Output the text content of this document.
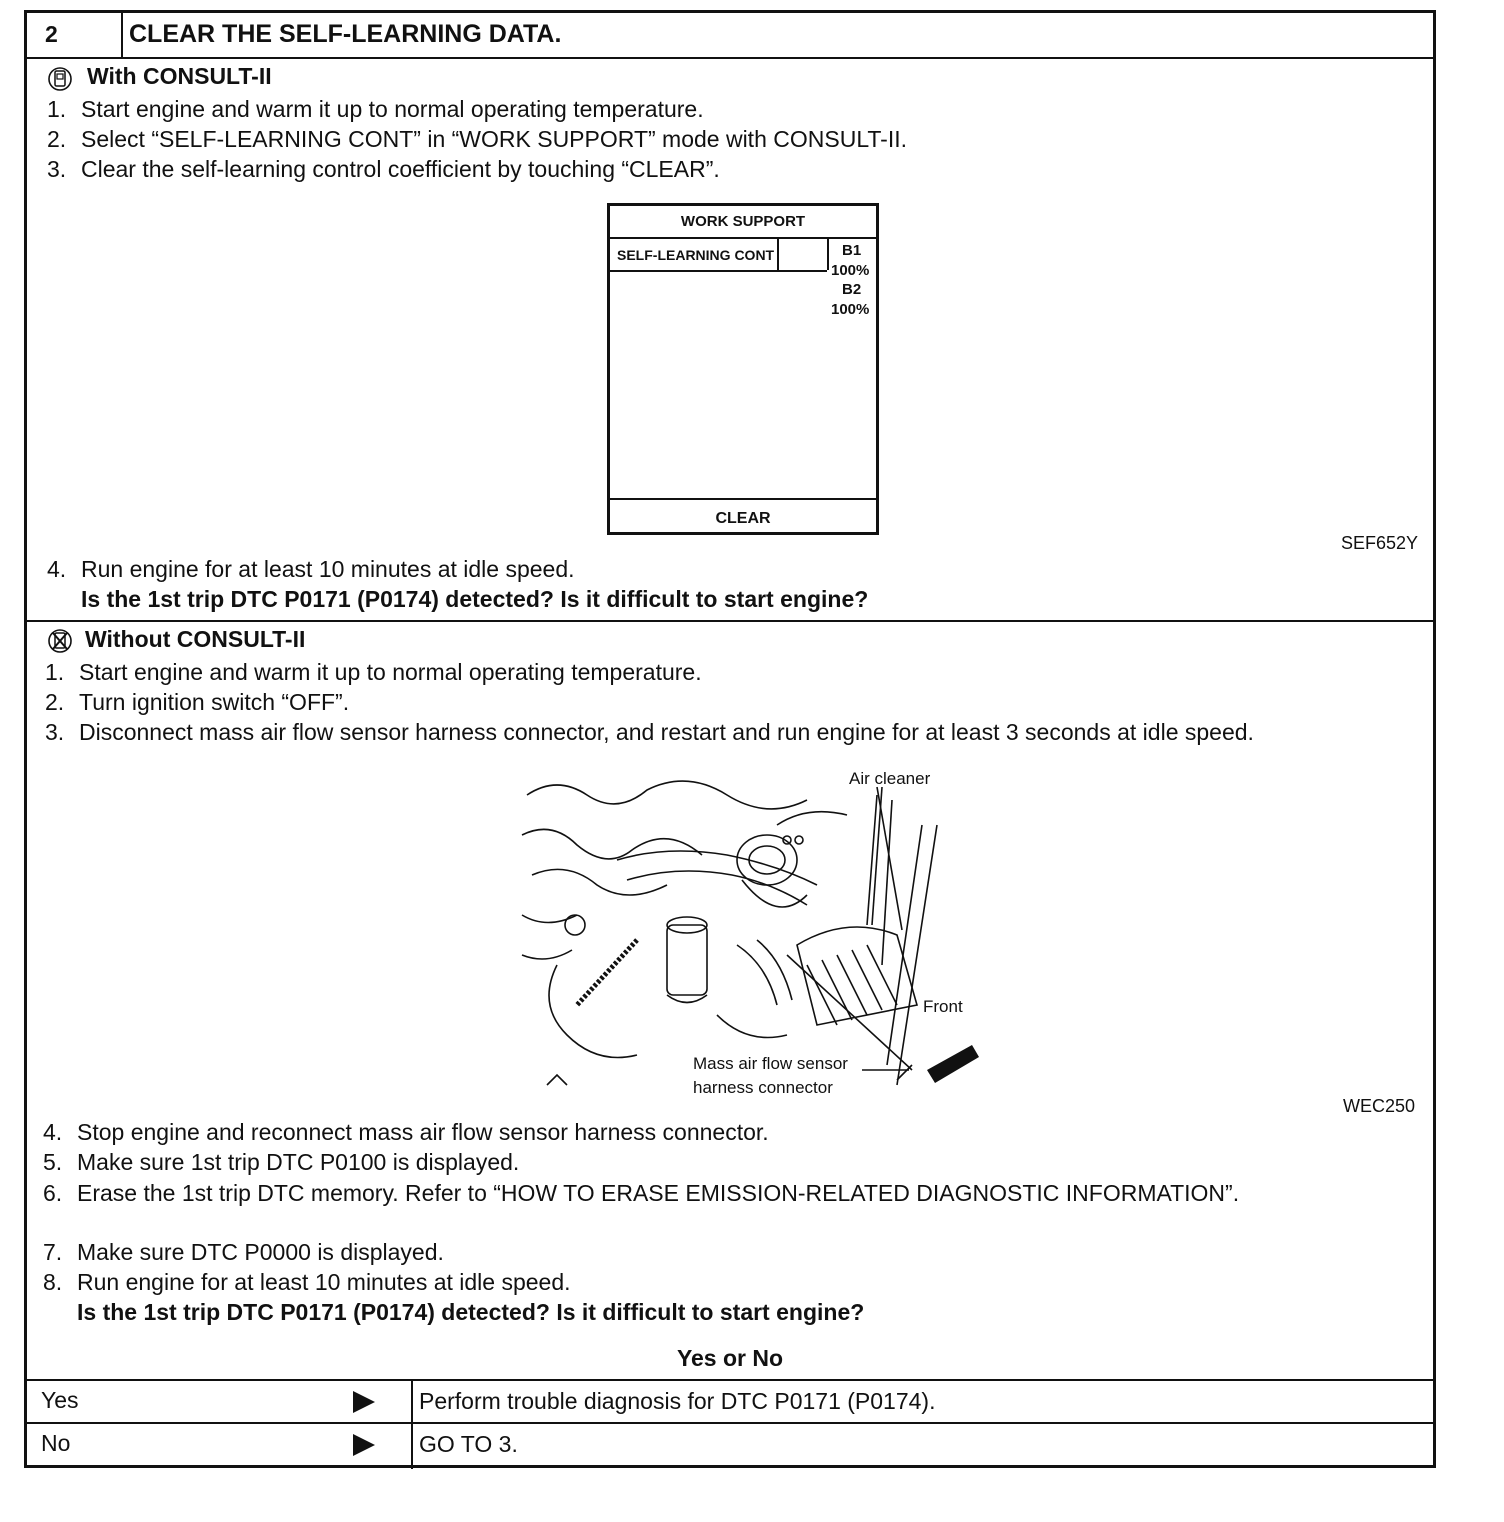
2	CLEAR THE SELF-LEARNING DATA.
With CONSULT-II
1. Start engine and warm it up to normal operating temperature.
2. Select “SELF-LEARNING CONT” in “WORK SUPPORT” mode with CONSULT-II.
3. Clear the self-learning control coefficient by touching “CLEAR”.
WORK SUPPORT
SELF-LEARNING CONT	B1
100%
B2
100%
CLEAR
SEF652Y
4. Run engine for at least 10 minutes at idle speed.
Is the 1st trip DTC P0171 (P0174) detected? Is it difficult to start engine?
Without CONSULT-II
1. Start engine and warm it up to normal operating temperature.
2. Turn ignition switch “OFF”.
3. Disconnect mass air flow sensor harness connector, and restart and run engine for at least 3 seconds at idle speed.
Air cleaner
Front
Mass air flow sensor
harness connector
WEC250
4. Stop engine and reconnect mass air flow sensor harness connector.
5. Make sure 1st trip DTC P0100 is displayed.
6. Erase the 1st trip DTC memory. Refer to “HOW TO ERASE EMISSION-RELATED DIAGNOSTIC INFORMATION”.
7. Make sure DTC P0000 is displayed.
8. Run engine for at least 10 minutes at idle speed.
Is the 1st trip DTC P0171 (P0174) detected? Is it difficult to start engine?
Yes or No
Yes	Perform trouble diagnosis for DTC P0171 (P0174).
No	GO TO 3.
